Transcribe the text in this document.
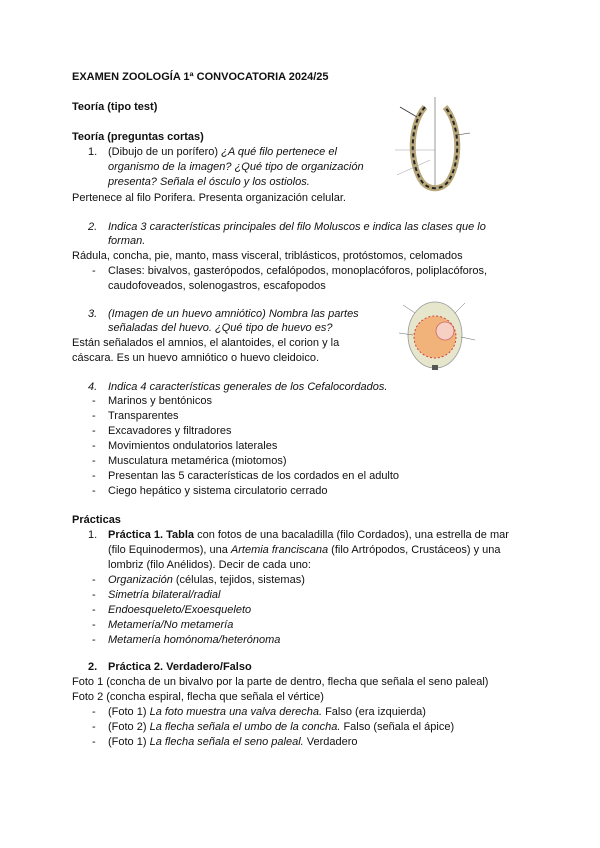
EXAMEN ZOOLOGÍA 1ª CONVOCATORIA 2024/25
Teoría (tipo test)
Teoría (preguntas cortas)
1. (Dibujo de un porífero) ¿A qué filo pertenece el
organismo de la imagen? ¿Qué tipo de organización
presenta? Señala el ósculo y los ostiolos.
Pertenece al filo Porifera. Presenta organización celular.
2. Indica 3 características principales del filo Moluscos e indica las clases que lo
forman.
Rádula, concha, pie, manto, mass visceral, triblásticos, protóstomos, celomados
- Clases: bivalvos, gasterópodos, cefalópodos, monoplacóforos, poliplacóforos,
caudofoveados, solenogastros, escafopodos
3. (Imagen de un huevo amniótico) Nombra las partes
señaladas del huevo. ¿Qué tipo de huevo es?
Están señalados el amnios, el alantoides, el corion y la
cáscara. Es un huevo amniótico o huevo cleidoico.
4. Indica 4 características generales de los Cefalocordados.
- Marinos y bentónicos
- Transparentes
- Excavadores y filtradores
- Movimientos ondulatorios laterales
- Musculatura metamérica (miotomos)
- Presentan las 5 características de los cordados en el adulto
- Ciego hepático y sistema circulatorio cerrado
Prácticas
1. Práctica 1. Tabla con fotos de una bacaladilla (filo Cordados), una estrella de mar
(filo Equinodermos), una Artemia franciscana (filo Artrópodos, Crustáceos) y una
lombriz (filo Anélidos). Decir de cada uno:
- Organización (células, tejidos, sistemas)
- Simetría bilateral/radial
- Endoesqueleto/Exoesqueleto
- Metamería/No metamería
- Metamería homónoma/heterónoma
2. Práctica 2. Verdadero/Falso
Foto 1 (concha de un bivalvo por la parte de dentro, flecha que señala el seno paleal)
Foto 2 (concha espiral, flecha que señala el vértice)
- (Foto 1) La foto muestra una valva derecha. Falso (era izquierda)
- (Foto 2) La flecha señala el umbo de la concha. Falso (señala el ápice)
- (Foto 1) La flecha señala el seno paleal. Verdadero
